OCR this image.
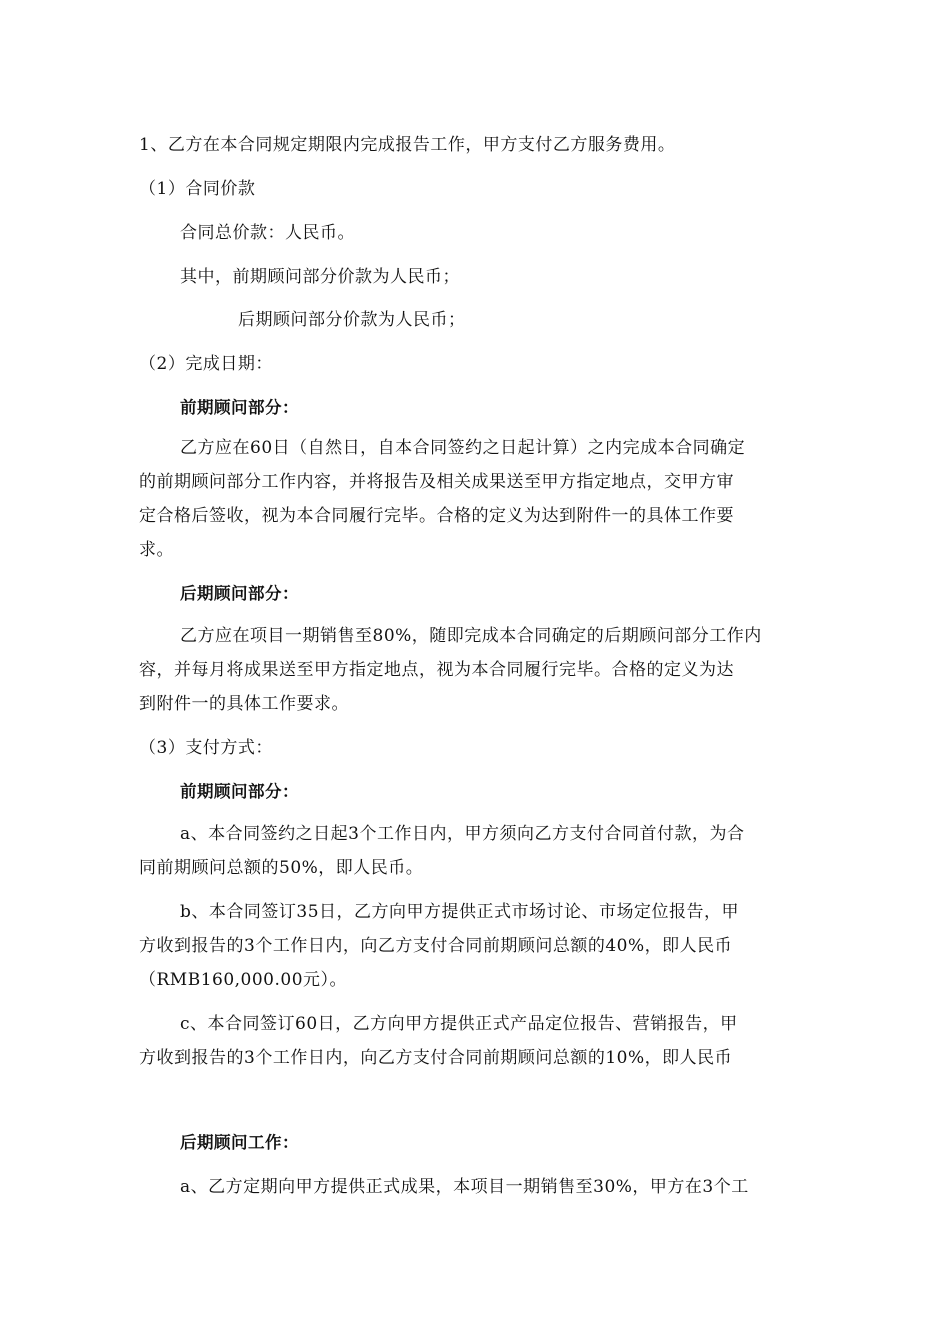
1、乙方在本合同规定期限内完成报告工作，甲方支付乙方服务费用。
（1）合同价款
合同总价款：人民币。
其中，前期顾问部分价款为人民币；
后期顾问部分价款为人民币；
（2）完成日期：
前期顾问部分：
乙方应在60日（自然日，自本合同签约之日起计算）之内完成本合同确定
的前期顾问部分工作内容，并将报告及相关成果送至甲方指定地点，交甲方审
定合格后签收，视为本合同履行完毕。合格的定义为达到附件一的具体工作要
求。
后期顾问部分：
乙方应在项目一期销售至80%，随即完成本合同确定的后期顾问部分工作内
容，并每月将成果送至甲方指定地点，视为本合同履行完毕。合格的定义为达
到附件一的具体工作要求。
（3）支付方式：
前期顾问部分：
a、本合同签约之日起3个工作日内，甲方须向乙方支付合同首付款，为合
同前期顾问总额的50%，即人民币。
b、本合同签订35日，乙方向甲方提供正式市场讨论、市场定位报告，甲
方收到报告的3个工作日内，向乙方支付合同前期顾问总额的40%，即人民币
（RMB160,000.00元）。
c、本合同签订60日，乙方向甲方提供正式产品定位报告、营销报告，甲
方收到报告的3个工作日内，向乙方支付合同前期顾问总额的10%，即人民币
后期顾问工作：
a、乙方定期向甲方提供正式成果，本项目一期销售至30%，甲方在3个工
